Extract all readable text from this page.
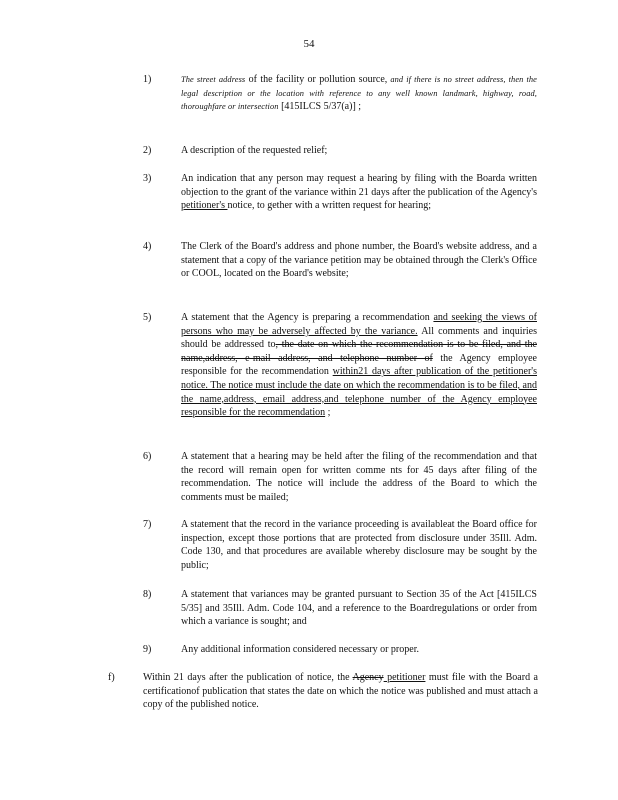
54
1)	The street address of the facility or pollution source, and if there is no street address, then the legal description or the location with reference to any well known landmark, highway, road, thoroughfare or intersection [415ILCS 5/37(a)] ;
2)	A description of the requested relief;
3)	An indication that any person may request a hearing by filing with the Boarda written objection to the grant of the variance within 21 days after the publication of the Agency's petitioner's notice, to gether with a written request for hearing;
4)	The Clerk of the Board's address and phone number, the Board's website address, and a statement that a copy of the variance petition may be obtained through the Clerk's Office or COOL, located on the Board's website;
5)	A statement that the Agency is preparing a recommendation and seeking the views of persons who may be adversely affected by the variance. All comments and inquiries should be addressed to, the date on which the recommendation is to be filed, and the name,address, e-mail address, and telephone number of the Agency employee responsible for the recommendation within21 days after publication of the petitioner's notice. The notice must include the date on which the recommendation is to be filed, and the name,address, email address,and telephone number of the Agency employee responsible for the recommendation ;
6)	A statement that a hearing may be held after the filing of the recommendation and that the record will remain open for written comme nts for 45 days after filing of the recommendation. The notice will include the address of the Board to which the comments must be mailed;
7)	A statement that the record in the variance proceeding is availableat the Board office for inspection, except those portions that are protected from disclosure under 35Ill. Adm. Code 130, and that procedures are available whereby disclosure may be sought by the public;
8)	A statement that variances may be granted pursuant to Section 35 of the Act [415ILCS 5/35] and 35Ill. Adm. Code 104, and a reference to the Boardregulations or order from which a variance is sought; and
9)	Any additional information considered necessary or proper.
f)	Within 21 days after the publication of notice, the Agency petitioner must file with the Board a certificationof publication that states the date on which the notice was published and must attach a copy of the published notice.
